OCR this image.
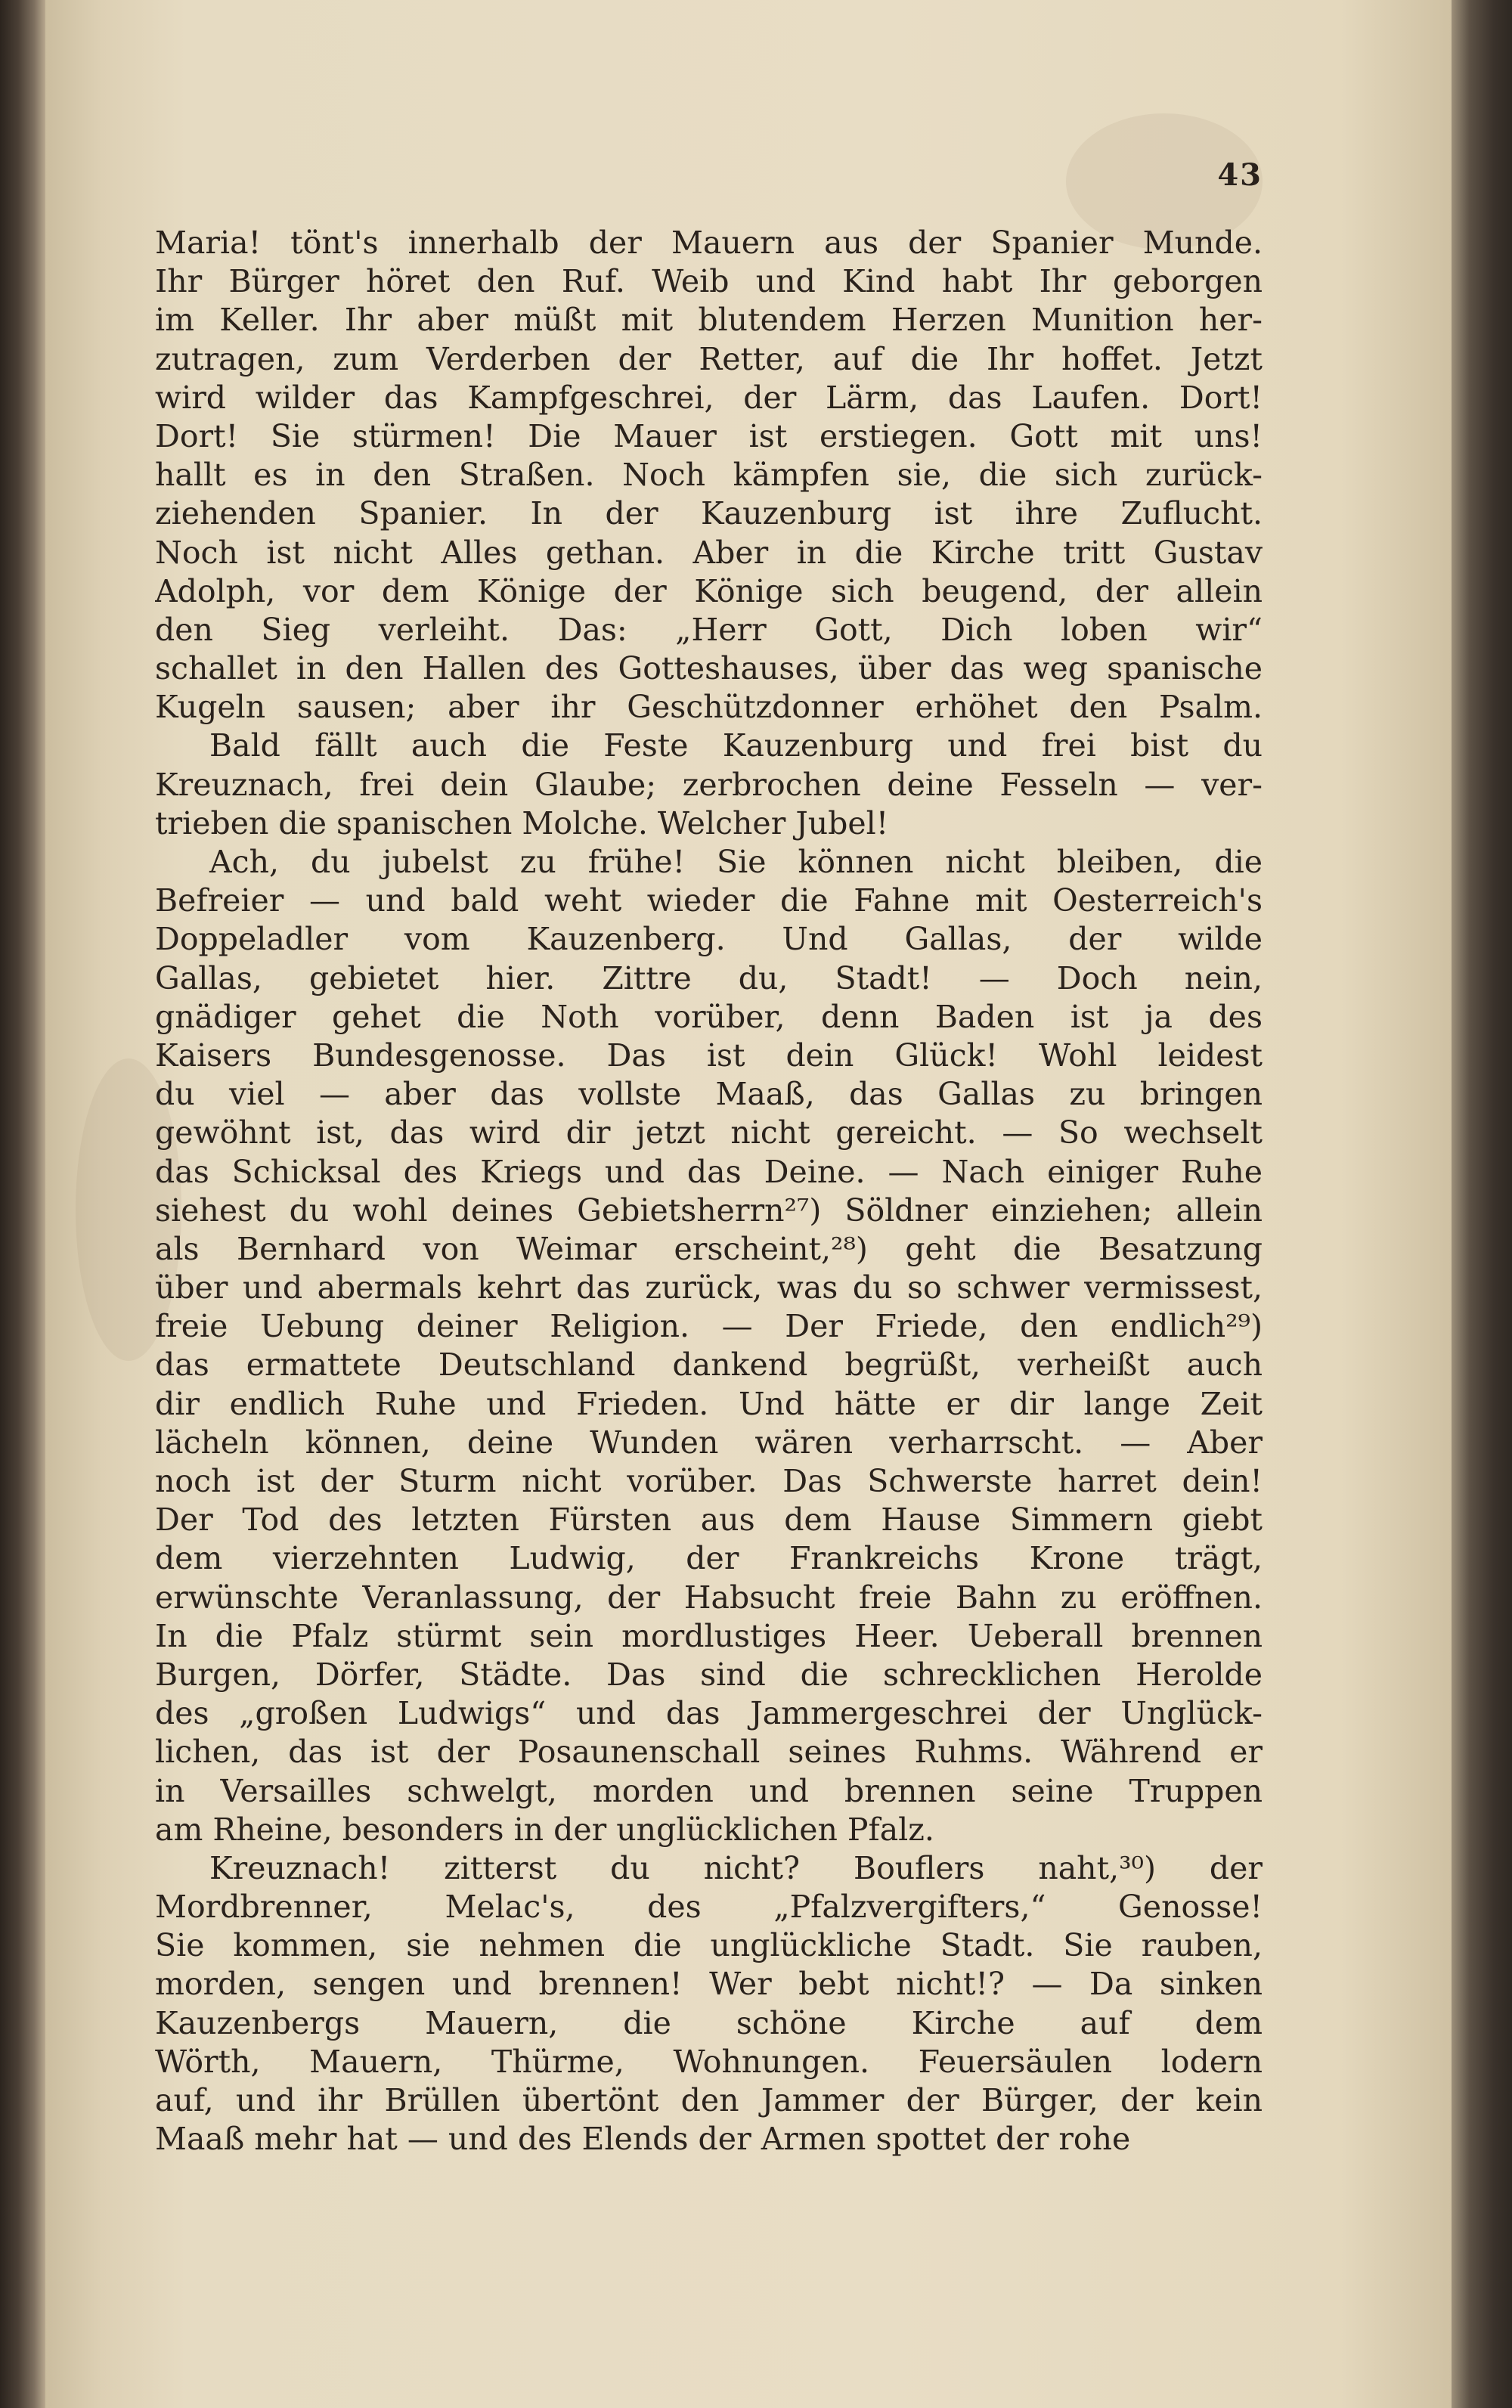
43
Maria! tönt's innerhalb der Mauern aus der Spanier Munde.
Ihr Bürger höret den Ruf. Weib und Kind habt Ihr geborgen
im Keller. Ihr aber müßt mit blutendem Herzen Munition her-
zutragen, zum Verderben der Retter, auf die Ihr hoffet. Jetzt
wird wilder das Kampfgeschrei, der Lärm, das Laufen. Dort!
Dort! Sie stürmen! Die Mauer ist erstiegen. Gott mit uns!
hallt es in den Straßen. Noch kämpfen sie, die sich zurück-
ziehenden Spanier. In der Kauzenburg ist ihre Zuflucht.
Noch ist nicht Alles gethan. Aber in die Kirche tritt Gustav
Adolph, vor dem Könige der Könige sich beugend, der allein
den Sieg verleiht. Das: „Herr Gott, Dich loben wir“
schallet in den Hallen des Gotteshauses, über das weg spanische
Kugeln sausen; aber ihr Geschützdonner erhöhet den Psalm.
Bald fällt auch die Feste Kauzenburg und frei bist du
Kreuznach, frei dein Glaube; zerbrochen deine Fesseln — ver-
trieben die spanischen Molche. Welcher Jubel!
Ach, du jubelst zu frühe! Sie können nicht bleiben, die
Befreier — und bald weht wieder die Fahne mit Oesterreich's
Doppeladler vom Kauzenberg. Und Gallas, der wilde
Gallas, gebietet hier. Zittre du, Stadt! — Doch nein,
gnädiger gehet die Noth vorüber, denn Baden ist ja des
Kaisers Bundesgenosse. Das ist dein Glück! Wohl leidest
du viel — aber das vollste Maaß, das Gallas zu bringen
gewöhnt ist, das wird dir jetzt nicht gereicht. — So wechselt
das Schicksal des Kriegs und das Deine. — Nach einiger Ruhe
siehest du wohl deines Gebietsherrn²⁷) Söldner einziehen; allein
als Bernhard von Weimar erscheint,²⁸) geht die Besatzung
über und abermals kehrt das zurück, was du so schwer vermissest,
freie Uebung deiner Religion. — Der Friede, den endlich²⁹)
das ermattete Deutschland dankend begrüßt, verheißt auch
dir endlich Ruhe und Frieden. Und hätte er dir lange Zeit
lächeln können, deine Wunden wären verharrscht. — Aber
noch ist der Sturm nicht vorüber. Das Schwerste harret dein!
Der Tod des letzten Fürsten aus dem Hause Simmern giebt
dem vierzehnten Ludwig, der Frankreichs Krone trägt,
erwünschte Veranlassung, der Habsucht freie Bahn zu eröffnen.
In die Pfalz stürmt sein mordlustiges Heer. Ueberall brennen
Burgen, Dörfer, Städte. Das sind die schrecklichen Herolde
des „großen Ludwigs“ und das Jammergeschrei der Unglück-
lichen, das ist der Posaunenschall seines Ruhms. Während er
in Versailles schwelgt, morden und brennen seine Truppen
am Rheine, besonders in der unglücklichen Pfalz.
Kreuznach! zitterst du nicht? Bouflers naht,³⁰) der
Mordbrenner, Melac's, des „Pfalzvergifters,“ Genosse!
Sie kommen, sie nehmen die unglückliche Stadt. Sie rauben,
morden, sengen und brennen! Wer bebt nicht!? — Da sinken
Kauzenbergs Mauern, die schöne Kirche auf dem
Wörth, Mauern, Thürme, Wohnungen. Feuersäulen lodern
auf, und ihr Brüllen übertönt den Jammer der Bürger, der kein
Maaß mehr hat — und des Elends der Armen spottet der rohe
